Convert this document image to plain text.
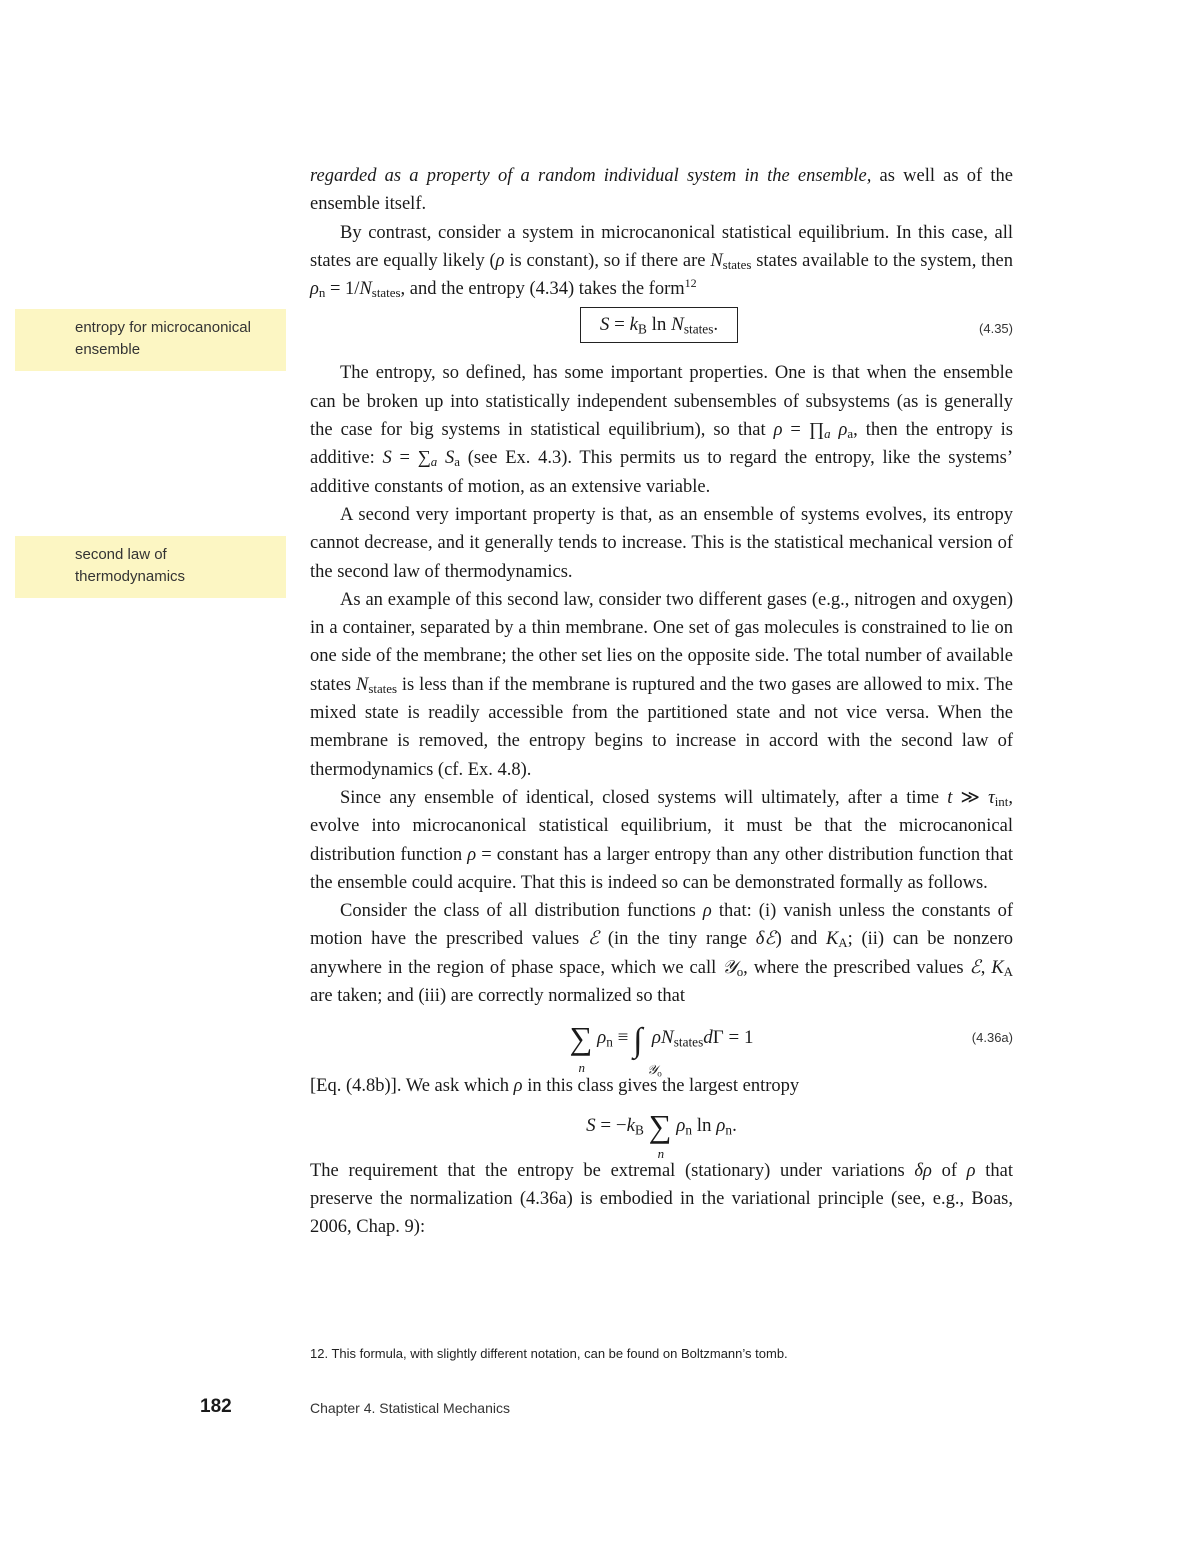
entropy for microcanonical ensemble
second law of thermodynamics

regarded as a property of a random individual system in the ensemble, as well as of the ensemble itself.

By contrast, consider a system in microcanonical statistical equilibrium. In this case, all states are equally likely (ρ is constant), so if there are $N_{states}$ states available to the system, then $\rho_n = 1/N_{states}$, and the entropy (4.34) takes the form$^{12}$

$S = k_B$ $\ln N_{states}$.	(4.35)

The entropy, so defined, has some important properties. One is that when the ensemble can be broken up into statistically independent subensembles of subsystems (as is generally the case for big systems in statistical equilibrium), so that $\rho = \prod_a$ $\rho_a$, then the entropy is additive: $S = \sum_a$ $S_a$ (see Ex. 4.3). This permits us to regard the entropy, like the systems’ additive constants of motion, as an extensive variable.

A second very important property is that, as an ensemble of systems evolves, its entropy cannot decrease, and it generally tends to increase. This is the statistical mechanical version of the second law of thermodynamics.

As an example of this second law, consider two different gases (e.g., nitrogen and oxygen) in a container, separated by a thin membrane. One set of gas molecules is constrained to lie on one side of the membrane; the other set lies on the opposite side. The total number of available states $N_{states}$ is less than if the membrane is ruptured and the two gases are allowed to mix. The mixed state is readily accessible from the partitioned state and not vice versa. When the membrane is removed, the entropy begins to increase in accord with the second law of thermodynamics (cf. Ex. 4.8).

Since any ensemble of identical, closed systems will ultimately, after a time t ≫ $\tau_{int}$, evolve into microcanonical statistical equilibrium, it must be that the microcanonical distribution function ρ = constant has a larger entropy than any other distribution function that the ensemble could acquire. That this is indeed so can be demonstrated formally as follows.

Consider the class of all distribution functions ρ that: (i) vanish unless the constants of motion have the prescribed values ℰ (in the tiny range δℰ) and $K_A$; (ii) can be nonzero anywhere in the region of phase space, which we call 𝒴$_o$, where the prescribed values ℰ, $K_A$ are taken; and (iii) are correctly normalized so that

∑
n
$\rho_n$ ≡ ∫
𝒴$_o$
$\rho N_{states}d\Gamma = 1$	(4.36a)

[Eq. (4.8b)]. We ask which ρ in this class gives the largest entropy

$S = -k_B$ ∑
n
$\rho_n$ $\ln \rho_n$.

The requirement that the entropy be extremal (stationary) under variations δρ of ρ that preserve the normalization (4.36a) is embodied in the variational principle (see, e.g., Boas, 2006, Chap. 9):

12. This formula, with slightly different notation, can be found on Boltzmann’s tomb.
182	Chapter 4. Statistical Mechanics
